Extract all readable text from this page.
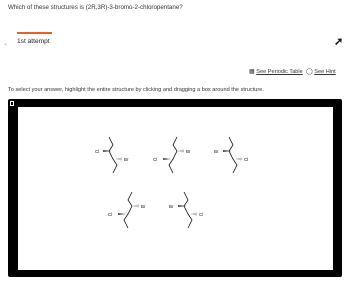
Which of these structures is (2R,3R)-3-bromo-2-chloropentane?
⌄ 1st attempt	➚
▦ See Periodic Table ◯ See Hint
To select your answer, highlight the entire structure by clicking and dragging a box around the structure.
Cl
Br
Br
Cl
Br
Cl
Br
Cl
Br
Cl
